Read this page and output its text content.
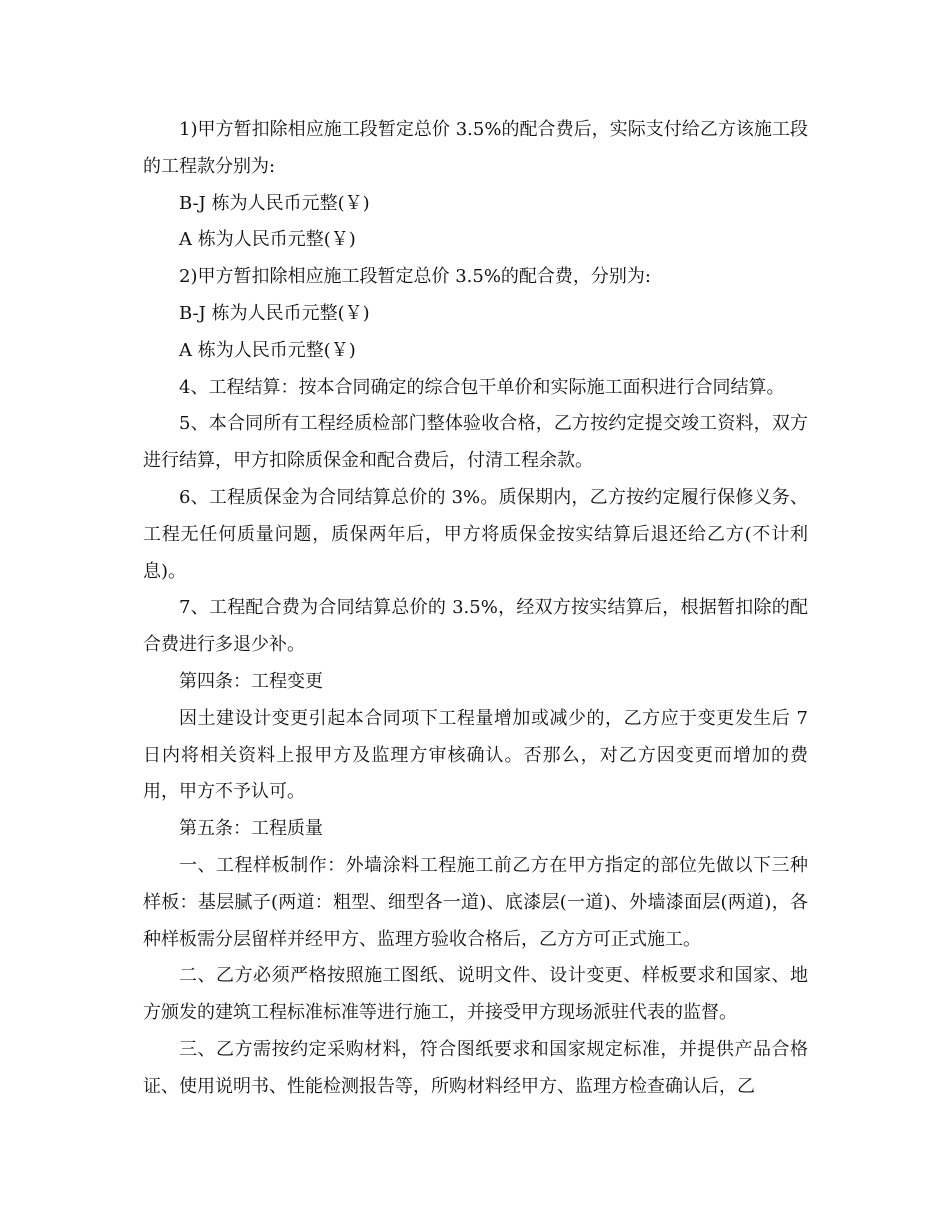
1)甲方暂扣除相应施工段暂定总价 3.5%的配合费后，实际支付给乙方该施工段的工程款分别为:

B-J 栋为人民币元整(￥)

A 栋为人民币元整(￥)

2)甲方暂扣除相应施工段暂定总价 3.5%的配合费，分别为:

B-J 栋为人民币元整(￥)

A 栋为人民币元整(￥)

4、工程结算：按本合同确定的综合包干单价和实际施工面积进行合同结算。

5、本合同所有工程经质检部门整体验收合格，乙方按约定提交竣工资料，双方进行结算，甲方扣除质保金和配合费后，付清工程余款。

6、工程质保金为合同结算总价的 3%。质保期内，乙方按约定履行保修义务、工程无任何质量问题，质保两年后，甲方将质保金按实结算后退还给乙方(不计利息)。

7、工程配合费为合同结算总价的 3.5%，经双方按实结算后，根据暂扣除的配合费进行多退少补。

第四条：工程变更

因土建设计变更引起本合同项下工程量增加或减少的，乙方应于变更发生后 7 日内将相关资料上报甲方及监理方审核确认。否那么，对乙方因变更而增加的费用，甲方不予认可。

第五条：工程质量

一、工程样板制作：外墙涂料工程施工前乙方在甲方指定的部位先做以下三种样板：基层腻子(两道：粗型、细型各一道)、底漆层(一道)、外墙漆面层(两道)，各种样板需分层留样并经甲方、监理方验收合格后，乙方方可正式施工。

二、乙方必须严格按照施工图纸、说明文件、设计变更、样板要求和国家、地方颁发的建筑工程标准标准等进行施工，并接受甲方现场派驻代表的监督。

三、乙方需按约定采购材料，符合图纸要求和国家规定标准，并提供产品合格证、使用说明书、性能检测报告等，所购材料经甲方、监理方检查确认后，乙
